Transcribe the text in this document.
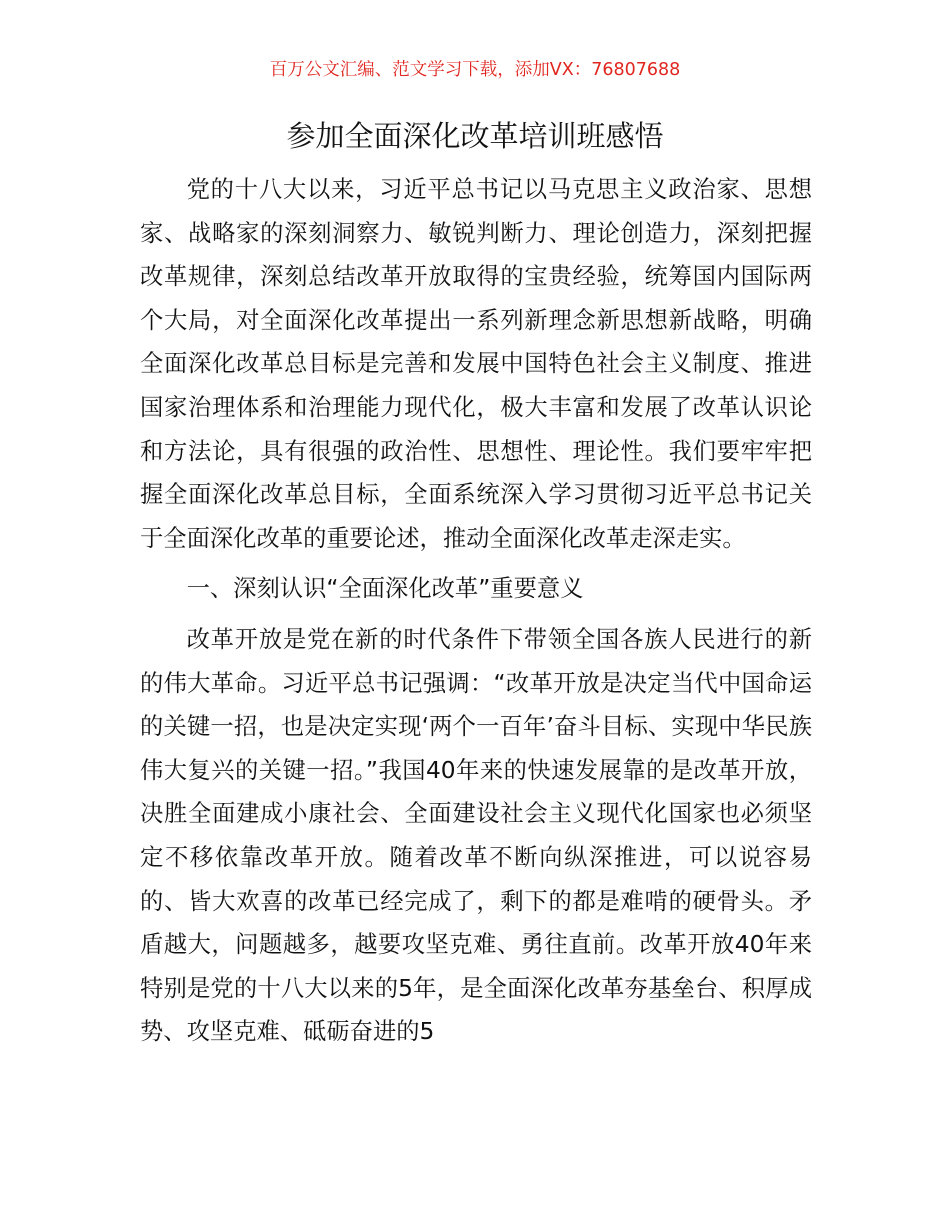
百万公文汇编、范文学习下载，添加VX：76807688
参加全面深化改革培训班感悟

党的十八大以来，习近平总书记以马克思主义政治家、思想家、战略家的深刻洞察力、敏锐判断力、理论创造力，深刻把握改革规律，深刻总结改革开放取得的宝贵经验，统筹国内国际两个大局，对全面深化改革提出一系列新理念新思想新战略，明确全面深化改革总目标是完善和发展中国特色社会主义制度、推进国家治理体系和治理能力现代化，极大丰富和发展了改革认识论和方法论，具有很强的政治性、思想性、理论性。我们要牢牢把握全面深化改革总目标，全面系统深入学习贯彻习近平总书记关于全面深化改革的重要论述，推动全面深化改革走深走实。

一、深刻认识“全面深化改革”重要意义

改革开放是党在新的时代条件下带领全国各族人民进行的新的伟大革命。习近平总书记强调：“改革开放是决定当代中国命运的关键一招，也是决定实现‘两个一百年’奋斗目标、实现中华民族伟大复兴的关键一招。”我国40年来的快速发展靠的是改革开放，决胜全面建成小康社会、全面建设社会主义现代化国家也必须坚定不移依靠改革开放。随着改革不断向纵深推进，可以说容易的、皆大欢喜的改革已经完成了，剩下的都是难啃的硬骨头。矛盾越大，问题越多，越要攻坚克难、勇往直前。改革开放40年来特别是党的十八大以来的5年，是全面深化改革夯基垒台、积厚成势、攻坚克难、砥砺奋进的5
